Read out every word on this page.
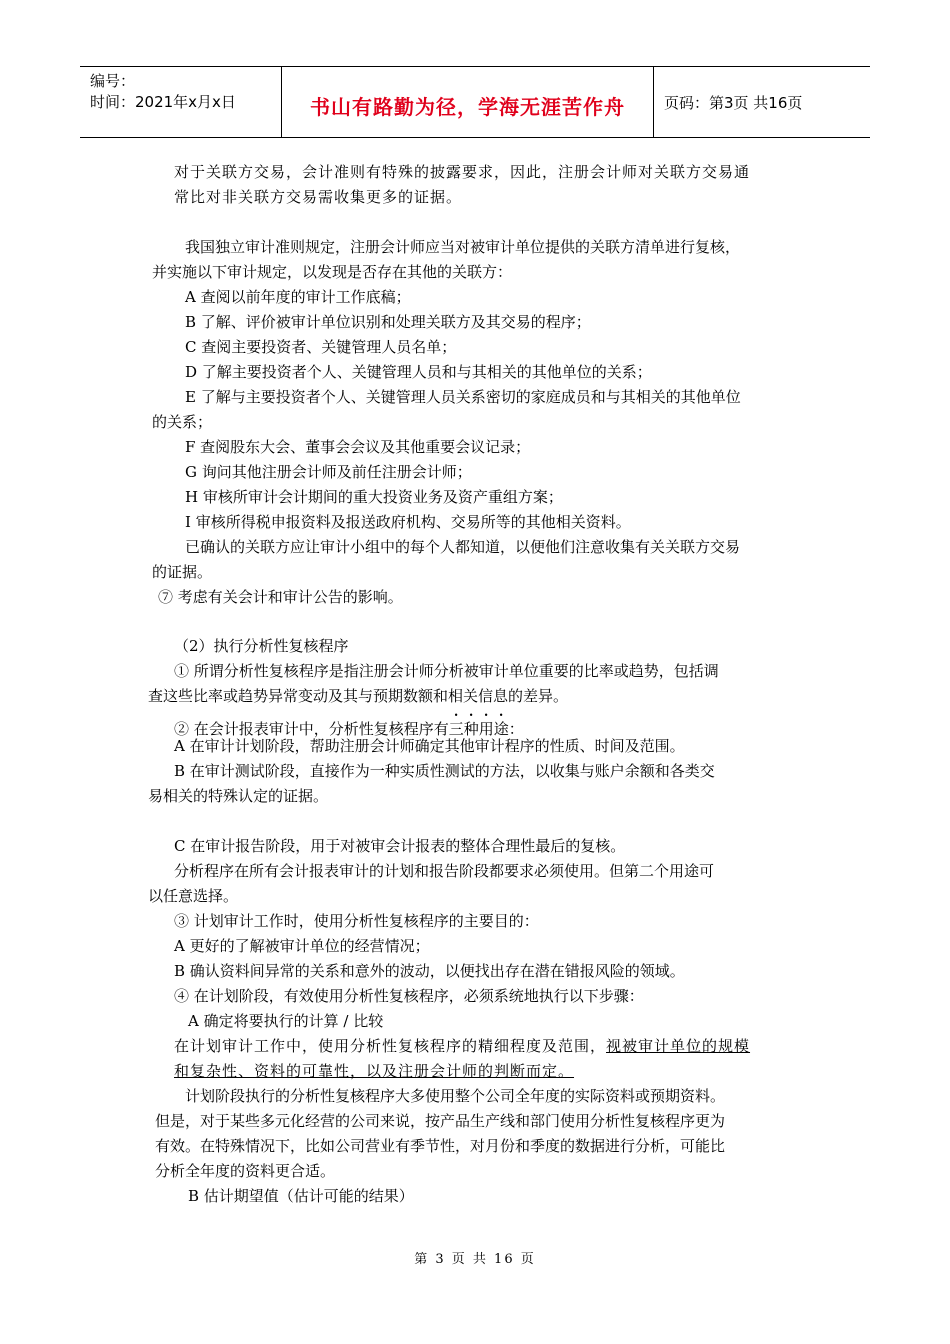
编号：
时间：2021年x月x日	书山有路勤为径，学海无涯苦作舟	页码：第3页 共16页
对于关联方交易，会计准则有特殊的披露要求，因此，注册会计师对关联方交易通
常比对非关联方交易需收集更多的证据。
我国独立审计准则规定，注册会计师应当对被审计单位提供的关联方清单进行复核，
并实施以下审计规定，以发现是否存在其他的关联方：
A 查阅以前年度的审计工作底稿；
B 了解、评价被审计单位识别和处理关联方及其交易的程序；
C 查阅主要投资者、关键管理人员名单；
D 了解主要投资者个人、关键管理人员和与其相关的其他单位的关系；
E 了解与主要投资者个人、关键管理人员关系密切的家庭成员和与其相关的其他单位
的关系；
F 查阅股东大会、董事会会议及其他重要会议记录；
G 询问其他注册会计师及前任注册会计师；
H 审核所审计会计期间的重大投资业务及资产重组方案；
I 审核所得税申报资料及报送政府机构、交易所等的其他相关资料。
已确认的关联方应让审计小组中的每个人都知道，以便他们注意收集有关关联方交易
的证据。
⑦ 考虑有关会计和审计公告的影响。
（2）执行分析性复核程序
① 所谓分析性复核程序是指注册会计师分析被审计单位重要的比率或趋势，包括调
查这些比率或趋势异常变动及其与预期数额和相关信息的差异。
② 在会计报表审计中，分析性复核程序有三种用途：
A 在审计计划阶段，帮助注册会计师确定其他审计程序的性质、时间及范围。
B 在审计测试阶段，直接作为一种实质性测试的方法，以收集与账户余额和各类交
易相关的特殊认定的证据。
C 在审计报告阶段，用于对被审会计报表的整体合理性最后的复核。
分析程序在所有会计报表审计的计划和报告阶段都要求必须使用。但第二个用途可
以任意选择。
③ 计划审计工作时，使用分析性复核程序的主要目的：
A 更好的了解被审计单位的经营情况；
B 确认资料间异常的关系和意外的波动，以便找出存在潜在错报风险的领域。
④ 在计划阶段，有效使用分析性复核程序，必须系统地执行以下步骤：
A 确定将要执行的计算 / 比较
在计划审计工作中，使用分析性复核程序的精细程度及范围，视被审计单位的规模
和复杂性、资料的可靠性，以及注册会计师的判断而定。
计划阶段执行的分析性复核程序大多使用整个公司全年度的实际资料或预期资料。
但是，对于某些多元化经营的公司来说，按产品生产线和部门使用分析性复核程序更为
有效。在特殊情况下，比如公司营业有季节性，对月份和季度的数据进行分析，可能比
分析全年度的资料更合适。
B 估计期望值（估计可能的结果）
第 3 页 共 16 页
